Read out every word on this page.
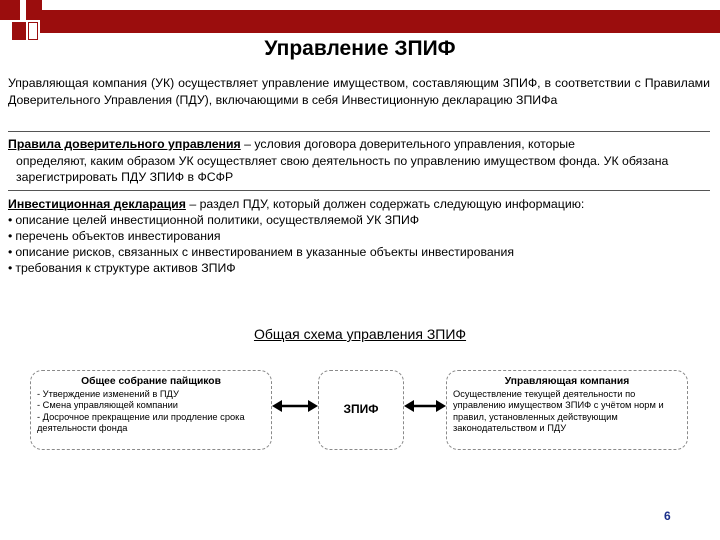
Управление ЗПИФ
Управляющая компания (УК) осуществляет управление имуществом, составляющим ЗПИФ, в соответствии с Правилами Доверительного Управления (ПДУ), включающими в себя Инвестиционную декларацию ЗПИФа
Правила доверительного управления – условия договора доверительного управления, которые
определяют, каким образом УК осуществляет свою деятельность по управлению имуществом фонда. УК обязана зарегистрировать ПДУ ЗПИФ в ФСФР
Инвестиционная декларация – раздел ПДУ, который должен содержать следующую информацию:
• описание целей инвестиционной политики, осуществляемой УК ЗПИФ
• перечень объектов инвестирования
• описание рисков, связанных с инвестированием в указанные объекты инвестирования
• требования к структуре активов ЗПИФ
Общая схема управления ЗПИФ
Общее собрание пайщиков
- Утверждение изменений в ПДУ
- Смена управляющей компании
- Досрочное прекращение или продление срока деятельности фонда
ЗПИФ
Управляющая компания
Осуществление текущей деятельности по управлению имуществом ЗПИФ с учётом норм и правил, установленных действующим законодательством и ПДУ
6
